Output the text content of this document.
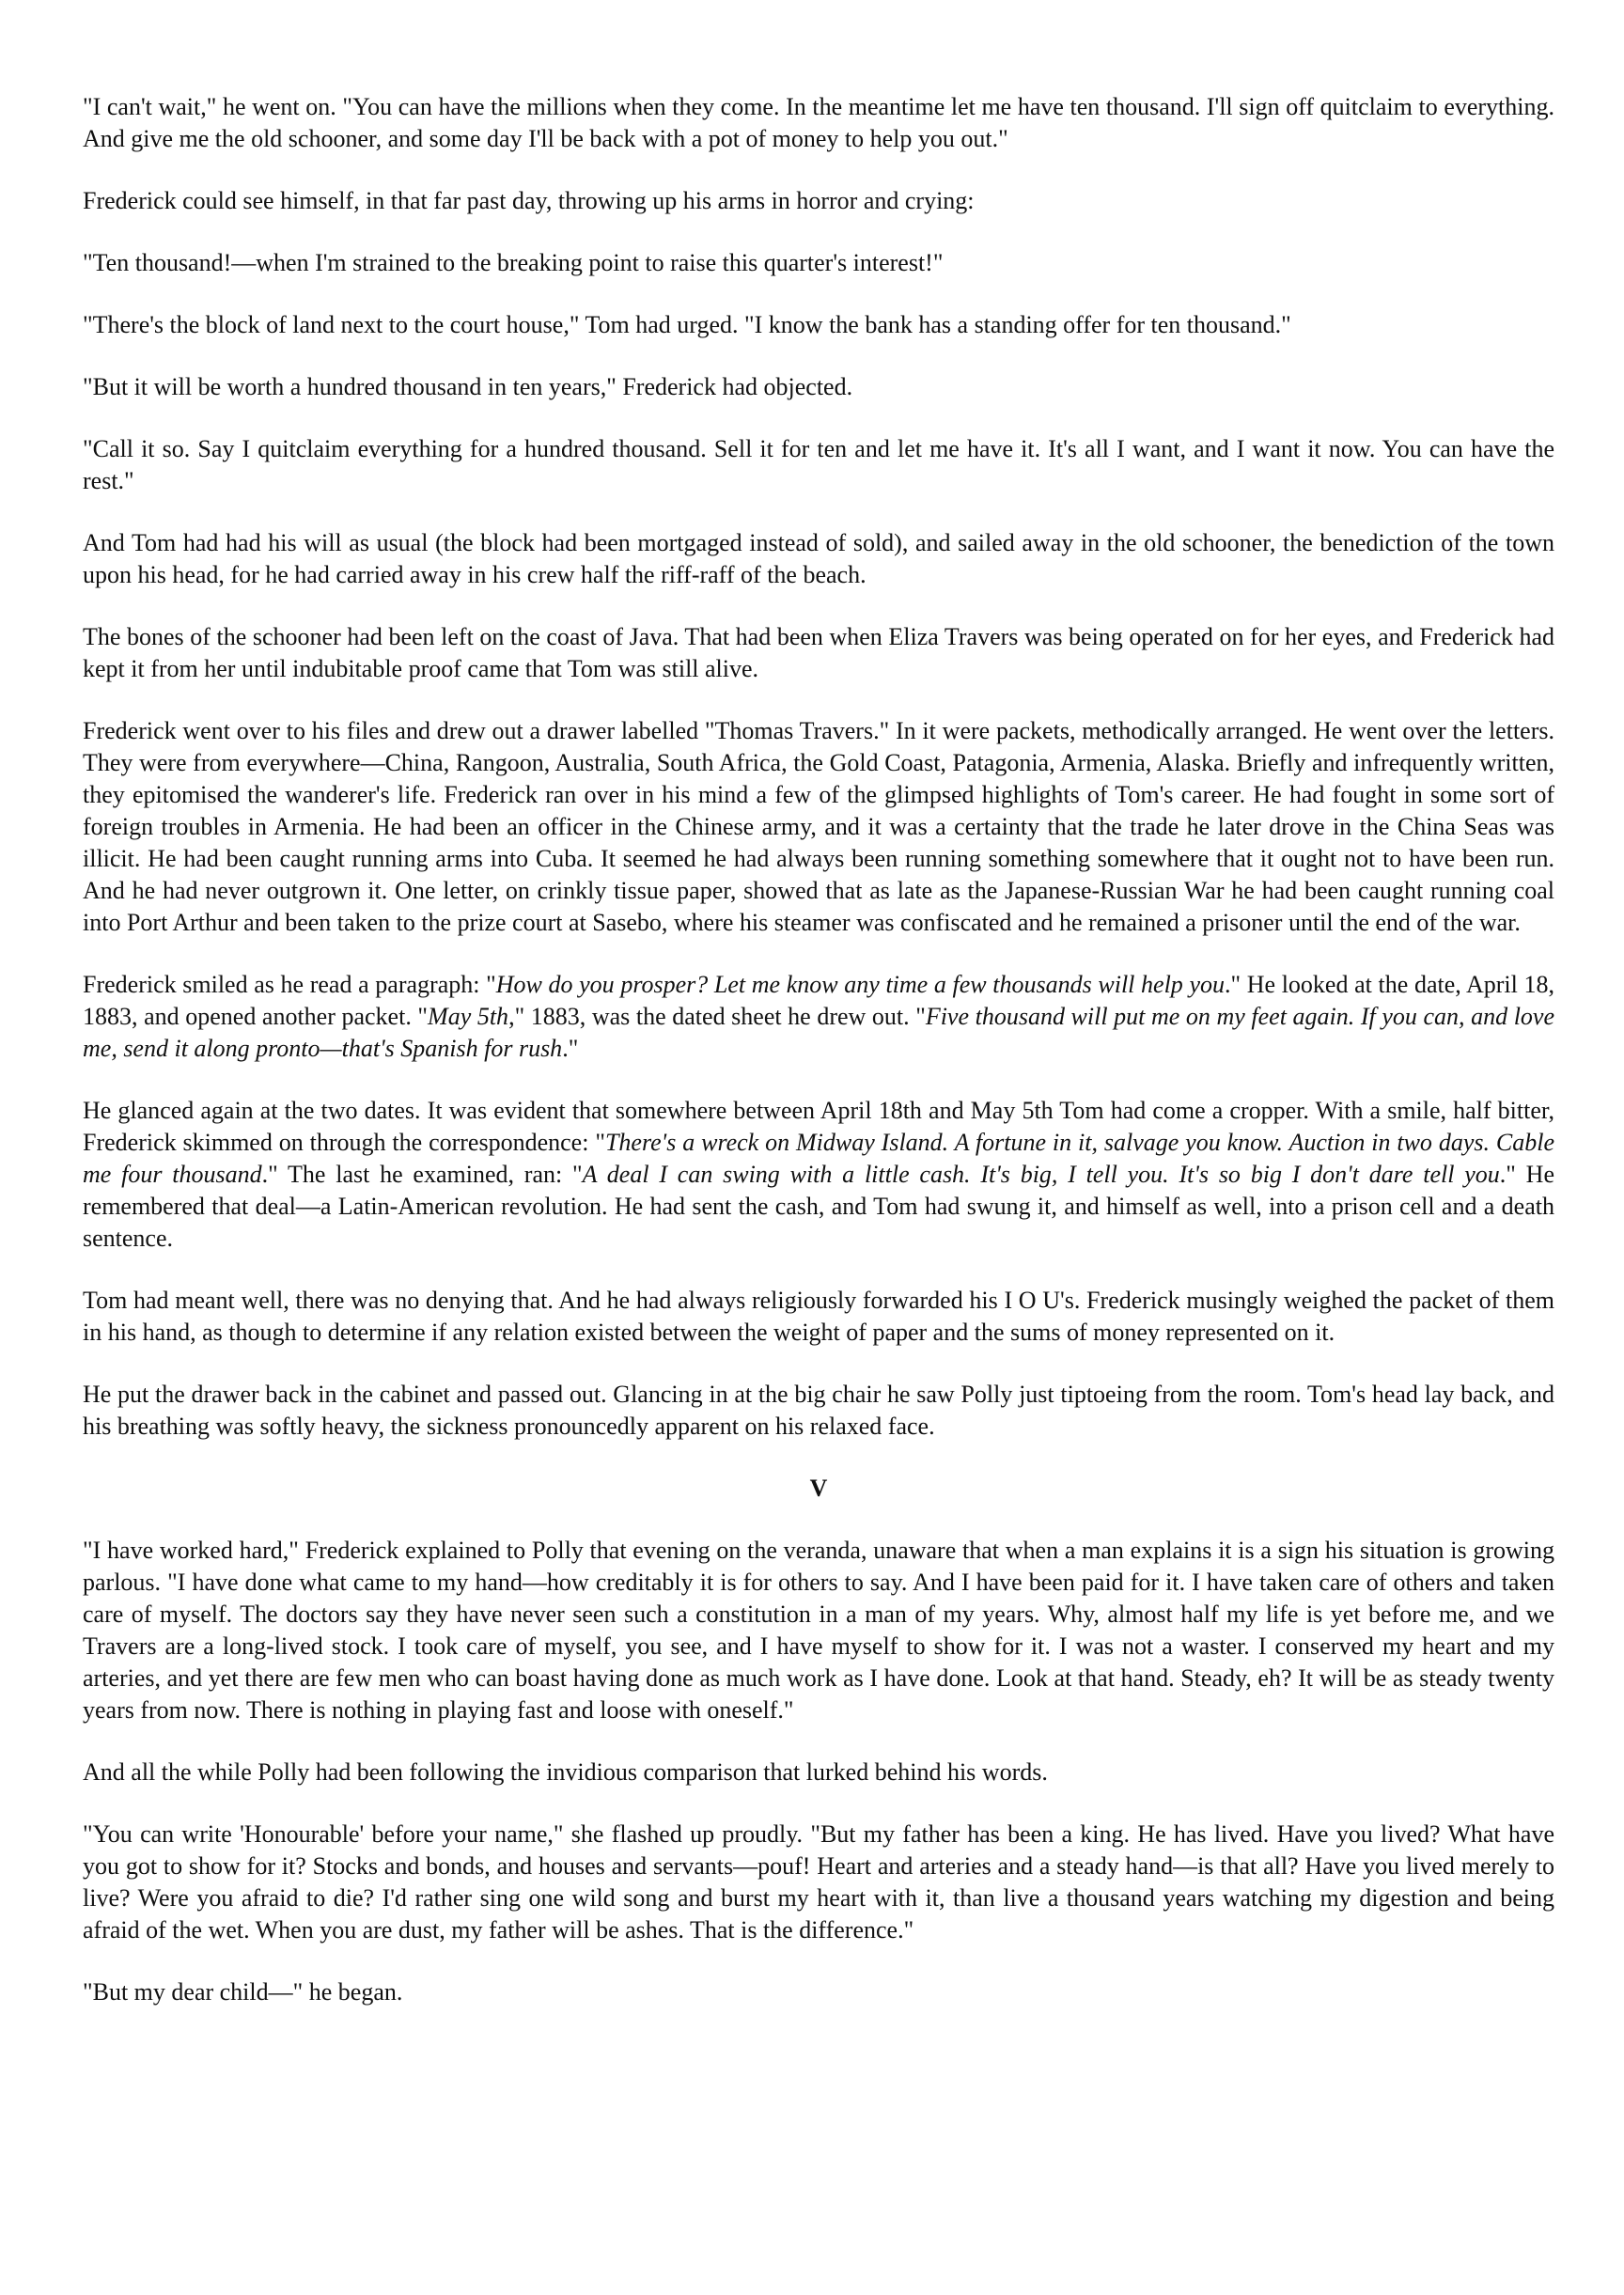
"I can't wait," he went on. "You can have the millions when they come. In the meantime let me have ten thousand. I'll sign off quitclaim to everything. And give me the old schooner, and some day I'll be back with a pot of money to help you out."

Frederick could see himself, in that far past day, throwing up his arms in horror and crying:

"Ten thousand!—when I'm strained to the breaking point to raise this quarter's interest!"

"There's the block of land next to the court house," Tom had urged. "I know the bank has a standing offer for ten thousand."

"But it will be worth a hundred thousand in ten years," Frederick had objected.

"Call it so. Say I quitclaim everything for a hundred thousand. Sell it for ten and let me have it. It's all I want, and I want it now. You can have the rest."

And Tom had had his will as usual (the block had been mortgaged instead of sold), and sailed away in the old schooner, the benediction of the town upon his head, for he had carried away in his crew half the riff-raff of the beach.

The bones of the schooner had been left on the coast of Java. That had been when Eliza Travers was being operated on for her eyes, and Frederick had kept it from her until indubitable proof came that Tom was still alive.

Frederick went over to his files and drew out a drawer labelled "Thomas Travers." In it were packets, methodically arranged. He went over the letters. They were from everywhere—China, Rangoon, Australia, South Africa, the Gold Coast, Patagonia, Armenia, Alaska. Briefly and infrequently written, they epitomised the wanderer's life. Frederick ran over in his mind a few of the glimpsed highlights of Tom's career. He had fought in some sort of foreign troubles in Armenia. He had been an officer in the Chinese army, and it was a certainty that the trade he later drove in the China Seas was illicit. He had been caught running arms into Cuba. It seemed he had always been running something somewhere that it ought not to have been run. And he had never outgrown it. One letter, on crinkly tissue paper, showed that as late as the Japanese-Russian War he had been caught running coal into Port Arthur and been taken to the prize court at Sasebo, where his steamer was confiscated and he remained a prisoner until the end of the war.

Frederick smiled as he read a paragraph: "How do you prosper? Let me know any time a few thousands will help you." He looked at the date, April 18, 1883, and opened another packet. "May 5th," 1883, was the dated sheet he drew out. "Five thousand will put me on my feet again. If you can, and love me, send it along pronto—that's Spanish for rush."

He glanced again at the two dates. It was evident that somewhere between April 18th and May 5th Tom had come a cropper. With a smile, half bitter, Frederick skimmed on through the correspondence: "There's a wreck on Midway Island. A fortune in it, salvage you know. Auction in two days. Cable me four thousand." The last he examined, ran: "A deal I can swing with a little cash. It's big, I tell you. It's so big I don't dare tell you." He remembered that deal—a Latin-American revolution. He had sent the cash, and Tom had swung it, and himself as well, into a prison cell and a death sentence.

Tom had meant well, there was no denying that. And he had always religiously forwarded his I O U's. Frederick musingly weighed the packet of them in his hand, as though to determine if any relation existed between the weight of paper and the sums of money represented on it.

He put the drawer back in the cabinet and passed out. Glancing in at the big chair he saw Polly just tiptoeing from the room. Tom's head lay back, and his breathing was softly heavy, the sickness pronouncedly apparent on his relaxed face.

V

"I have worked hard," Frederick explained to Polly that evening on the veranda, unaware that when a man explains it is a sign his situation is growing parlous. "I have done what came to my hand—how creditably it is for others to say. And I have been paid for it. I have taken care of others and taken care of myself. The doctors say they have never seen such a constitution in a man of my years. Why, almost half my life is yet before me, and we Travers are a long-lived stock. I took care of myself, you see, and I have myself to show for it. I was not a waster. I conserved my heart and my arteries, and yet there are few men who can boast having done as much work as I have done. Look at that hand. Steady, eh? It will be as steady twenty years from now. There is nothing in playing fast and loose with oneself."

And all the while Polly had been following the invidious comparison that lurked behind his words.

"You can write 'Honourable' before your name," she flashed up proudly. "But my father has been a king. He has lived. Have you lived? What have you got to show for it? Stocks and bonds, and houses and servants—pouf! Heart and arteries and a steady hand—is that all? Have you lived merely to live? Were you afraid to die? I'd rather sing one wild song and burst my heart with it, than live a thousand years watching my digestion and being afraid of the wet. When you are dust, my father will be ashes. That is the difference."

"But my dear child—" he began.
